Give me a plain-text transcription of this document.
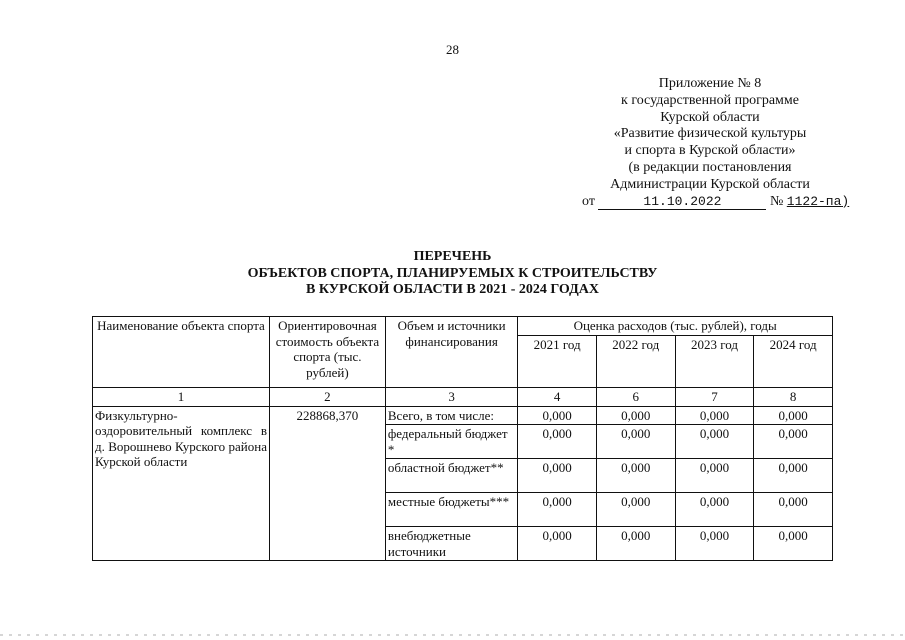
28
Приложение № 8
к государственной программе
Курской области
«Развитие физической культуры
и спорта в Курской области»
(в редакции постановления
Администрации Курской области
от	11.10.2022	№ 1122-па)
ПЕРЕЧЕНЬ
ОБЪЕКТОВ СПОРТА, ПЛАНИРУЕМЫХ К СТРОИТЕЛЬСТВУ
В КУРСКОЙ ОБЛАСТИ В 2021 - 2024 ГОДАХ
Наименование объекта спорта	Ориентировочная стоимость объекта спорта (тыс. рублей)	Объем и источники финансирования	Оценка расходов (тыс. рублей), годы			
			2021 год	2022 год	2023 год	2024 год
1	2	3	4	6	7	8
Физкультурно-оздоровительный комплекс в д. Ворошнево Курского района Курской области	228868,370	Всего, в том числе:	0,000	0,000	0,000	0,000
		федеральный бюджет *	0,000	0,000	0,000	0,000
		областной бюджет**	0,000	0,000	0,000	0,000
		местные бюджеты***	0,000	0,000	0,000	0,000
		внебюджетные источники	0,000	0,000	0,000	0,000
